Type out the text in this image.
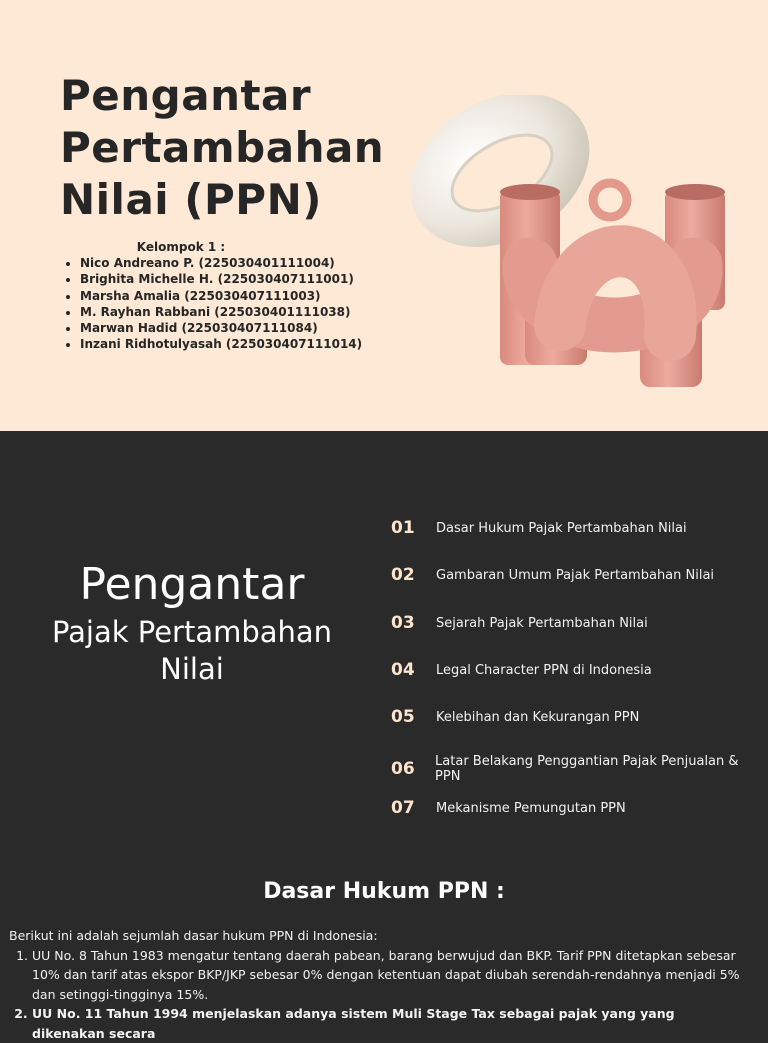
Pengantar
Pertambahan
Nilai (PPN)
Kelompok 1 :
• Nico Andreano P. (225030401111004)
• Brighita Michelle H. (225030407111001)
• Marsha Amalia (225030407111003)
• M. Rayhan Rabbani (225030401111038)
• Marwan Hadid (225030407111084)
• Inzani Ridhotulyasah (225030407111014)
Pengantar
Pajak Pertambahan
Nilai
01	Dasar Hukum Pajak Pertambahan Nilai
02	Gambaran Umum Pajak Pertambahan Nilai
03	Sejarah Pajak Pertambahan Nilai
04	Legal Character PPN di Indonesia
05	Kelebihan dan Kekurangan PPN
06	Latar Belakang Penggantian Pajak Penjualan & PPN
07	Mekanisme Pemungutan PPN
Dasar Hukum PPN :
Berikut ini adalah sejumlah dasar hukum PPN di Indonesia:
1. UU No. 8 Tahun 1983 mengatur tentang daerah pabean, barang berwujud dan BKP. Tarif PPN ditetapkan sebesar 10% dan tarif atas ekspor BKP/JKP sebesar 0% dengan ketentuan dapat diubah serendah-rendahnya menjadi 5% dan setinggi-tingginya 15%.
2. UU No. 11 Tahun 1994 menjelaskan adanya sistem Muli Stage Tax sebagai pajak yang yang dikenakan secara
